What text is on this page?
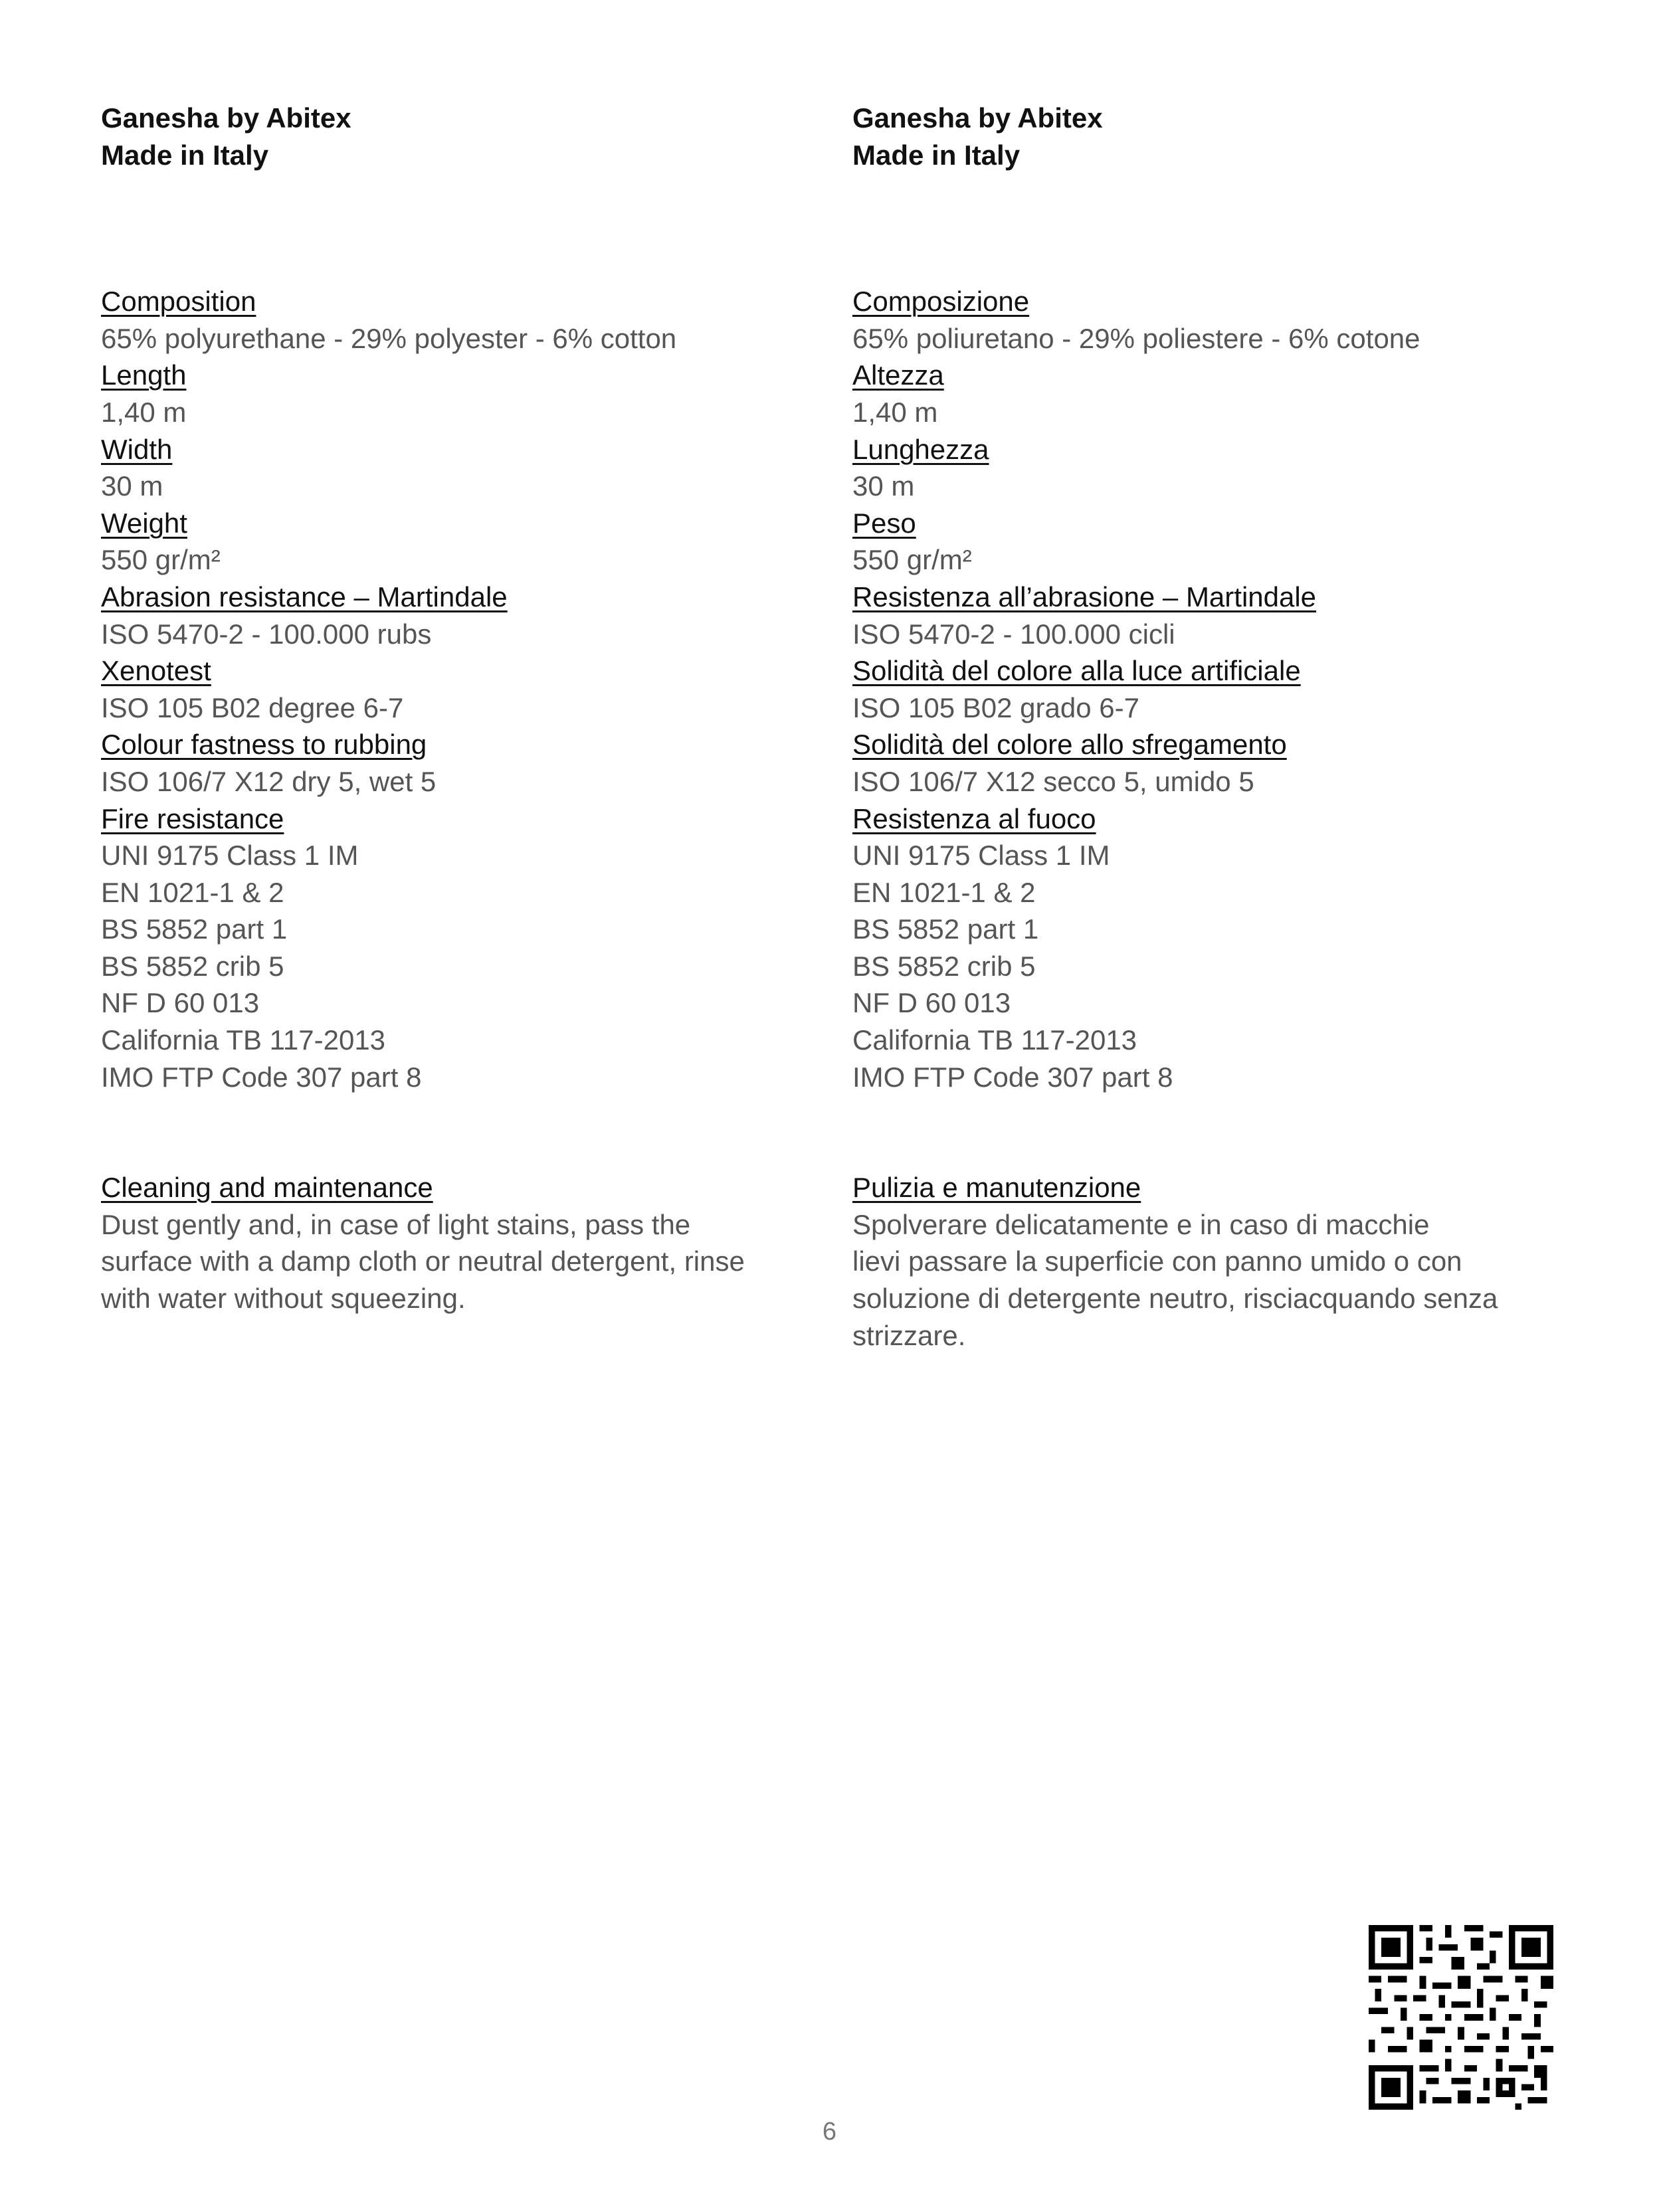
Ganesha by Abitex
Made in Italy
Composition
65% polyurethane - 29% polyester - 6% cotton
Length
1,40 m
Width
30 m
Weight
550 gr/m²
Abrasion resistance – Martindale
ISO 5470-2 - 100.000 rubs
Xenotest
ISO 105 B02 degree 6-7
Colour fastness to rubbing
ISO 106/7 X12 dry 5, wet 5
Fire resistance
UNI 9175 Class 1 IM
EN 1021-1 & 2
BS 5852 part 1
BS 5852 crib 5
NF D 60 013
California TB 117-2013
IMO FTP Code 307 part 8
Cleaning and maintenance
Dust gently and, in case of light stains, pass the
surface with a damp cloth or neutral detergent, rinse
with water without squeezing.
Ganesha by Abitex
Made in Italy
Composizione
65% poliuretano - 29% poliestere - 6% cotone
Altezza
1,40 m
Lunghezza
30 m
Peso
550 gr/m²
Resistenza all’abrasione – Martindale
ISO 5470-2 - 100.000 cicli
Solidità del colore alla luce artificiale
ISO 105 B02 grado 6-7
Solidità del colore allo sfregamento
ISO 106/7 X12 secco 5, umido 5
Resistenza al fuoco
UNI 9175 Class 1 IM
EN 1021-1 & 2
BS 5852 part 1
BS 5852 crib 5
NF D 60 013
California TB 117-2013
IMO FTP Code 307 part 8
Pulizia e manutenzione
Spolverare delicatamente e in caso di macchie
lievi passare la superficie con panno umido o con
soluzione di detergente neutro, risciacquando senza
strizzare.
6
